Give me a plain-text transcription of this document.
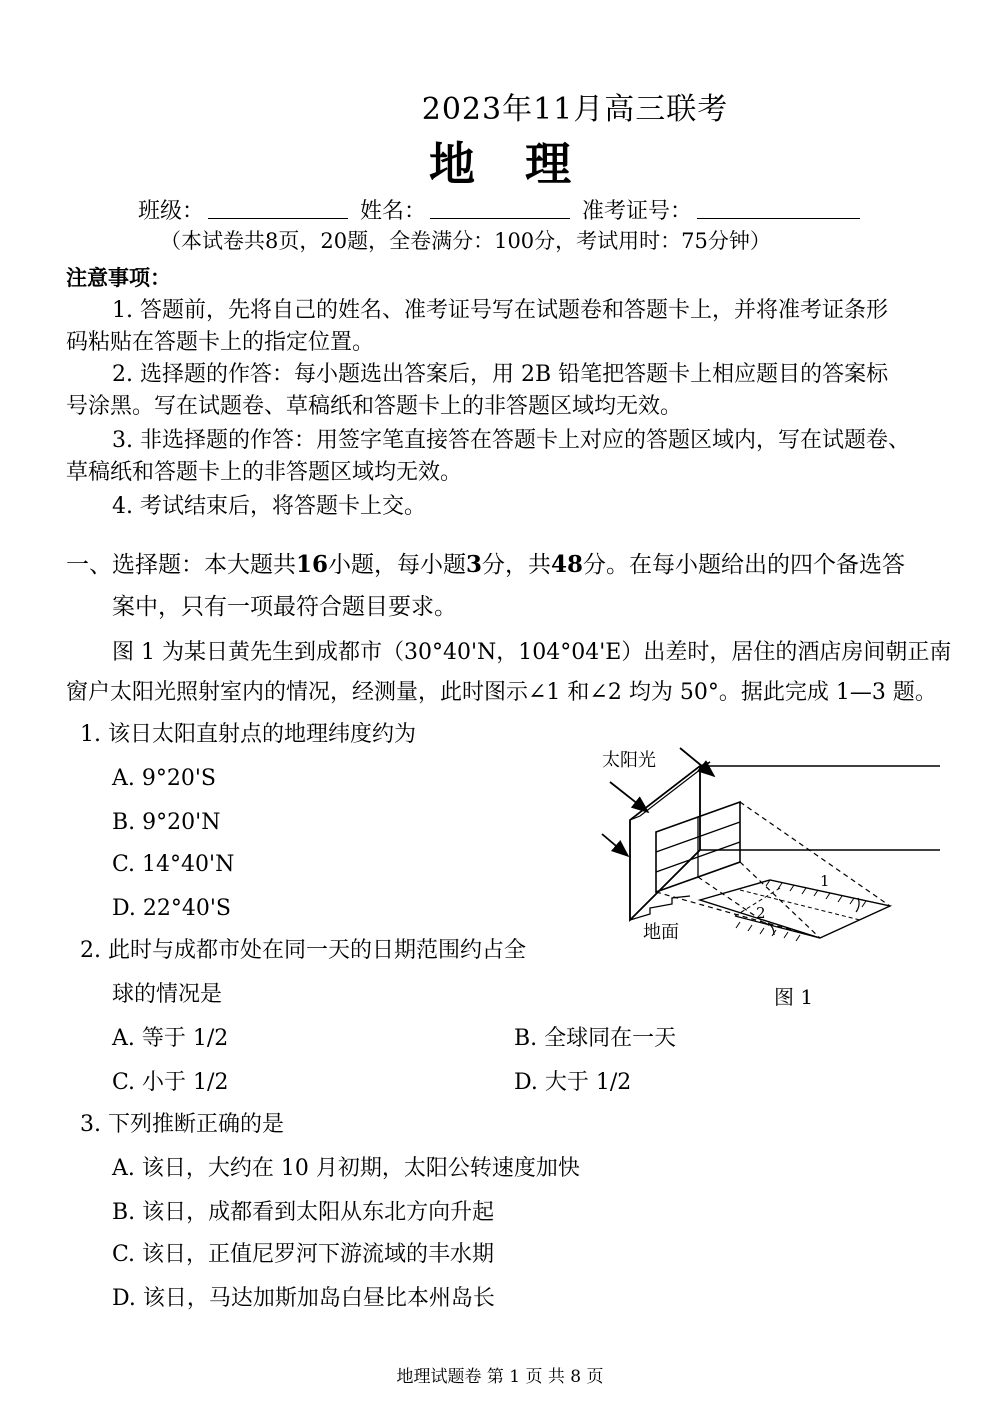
2023年11月高三联考
地理
班级：	姓名：	准考证号：
（本试卷共8页，20题，全卷满分：100分，考试用时：75分钟）
注意事项：
1. 答题前，先将自己的姓名、准考证号写在试题卷和答题卡上，并将准考证条形
码粘贴在答题卡上的指定位置。
2. 选择题的作答：每小题选出答案后，用 2B 铅笔把答题卡上相应题目的答案标
号涂黑。写在试题卷、草稿纸和答题卡上的非答题区域均无效。
3. 非选择题的作答：用签字笔直接答在答题卡上对应的答题区域内，写在试题卷、
草稿纸和答题卡上的非答题区域均无效。
4. 考试结束后，将答题卡上交。
一、选择题：本大题共16小题，每小题3分，共48分。在每小题给出的四个备选答
案中，只有一项最符合题目要求。
图 1 为某日黄先生到成都市（30°40'N，104°04'E）出差时，居住的酒店房间朝正南
窗户太阳光照射室内的情况，经测量，此时图示∠1 和∠2 均为 50°。据此完成 1—3 题。
1. 该日太阳直射点的地理纬度约为
A. 9°20'S
B. 9°20'N
C. 14°40'N
D. 22°40'S
2. 此时与成都市处在同一天的日期范围约占全
球的情况是
A. 等于 1/2	B. 全球同在一天
C. 小于 1/2	D. 大于 1/2
3. 下列推断正确的是
A. 该日，大约在 10 月初期，太阳公转速度加快
B. 该日，成都看到太阳从东北方向升起
C. 该日，正值尼罗河下游流域的丰水期
D. 该日，马达加斯加岛白昼比本州岛长
太阳光
地面
1
2
图 1
地理试题卷 第 1 页 共 8 页
